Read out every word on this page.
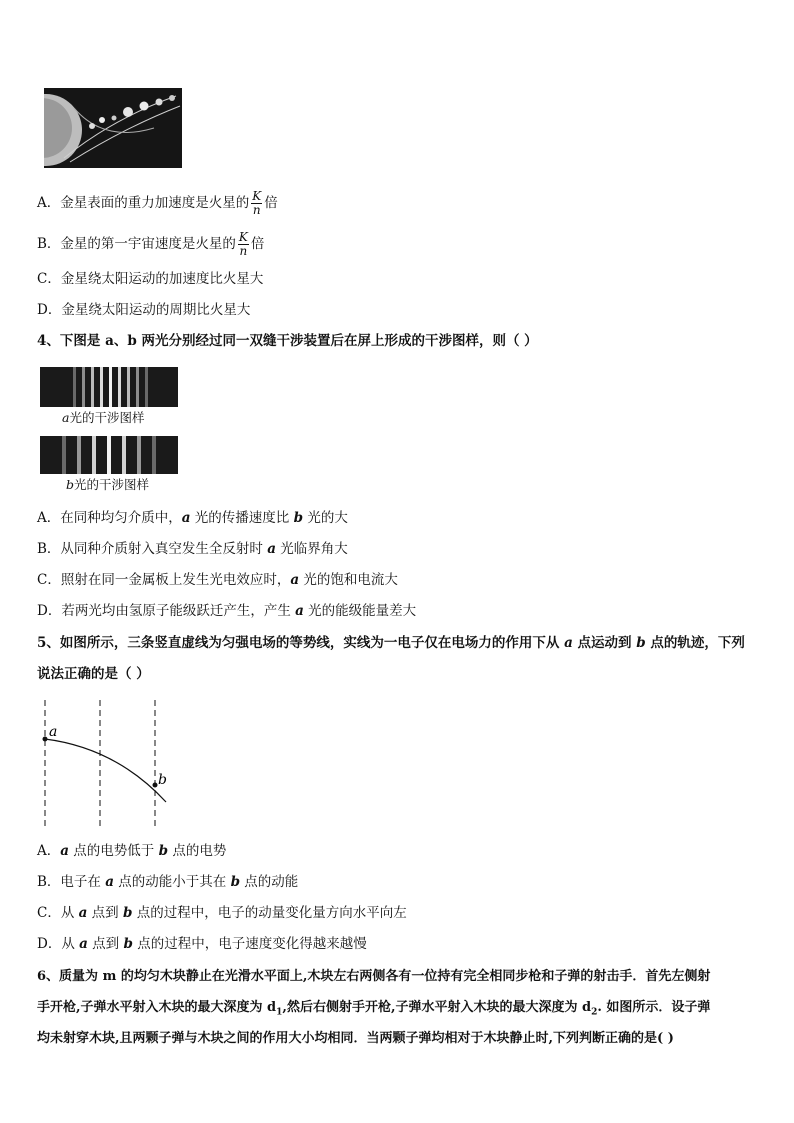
A．金星表面的重力加速度是火星的 $\frac{K}{n}$ 倍
B．金星的第一宇宙速度是火星的 $\frac{K}{n}$ 倍
C．金星绕太阳运动的加速度比火星大
D．金星绕太阳运动的周期比火星大
4、下图是 a、b 两光分别经过同一双缝干涉装置后在屏上形成的干涉图样，则（ ）
a光的干涉图样
b光的干涉图样
A．在同种均匀介质中，a 光的传播速度比 b 光的大
B．从同种介质射入真空发生全反射时 a 光临界角大
C．照射在同一金属板上发生光电效应时，a 光的饱和电流大
D．若两光均由氢原子能级跃迁产生，产生 a 光的能级能量差大
5、如图所示，三条竖直虚线为匀强电场的等势线，实线为一电子仅在电场力的作用下从 a 点运动到 b 点的轨迹，下列
说法正确的是（ ）
a
b
A．a 点的电势低于 b 点的电势
B．电子在 a 点的动能小于其在 b 点的动能
C．从 a 点到 b 点的过程中，电子的动量变化量方向水平向左
D．从 a 点到 b 点的过程中，电子速度变化得越来越慢
6、质量为 m 的均匀木块静止在光滑水平面上,木块左右两侧各有一位持有完全相同步枪和子弹的射击手．首先左侧射
手开枪,子弹水平射入木块的最大深度为 $d_1$,然后右侧射手开枪,子弹水平射入木块的最大深度为 $d_2$. 如图所示．设子弹
均未射穿木块,且两颗子弹与木块之间的作用大小均相同．当两颗子弹均相对于木块静止时,下列判断正确的是( )
